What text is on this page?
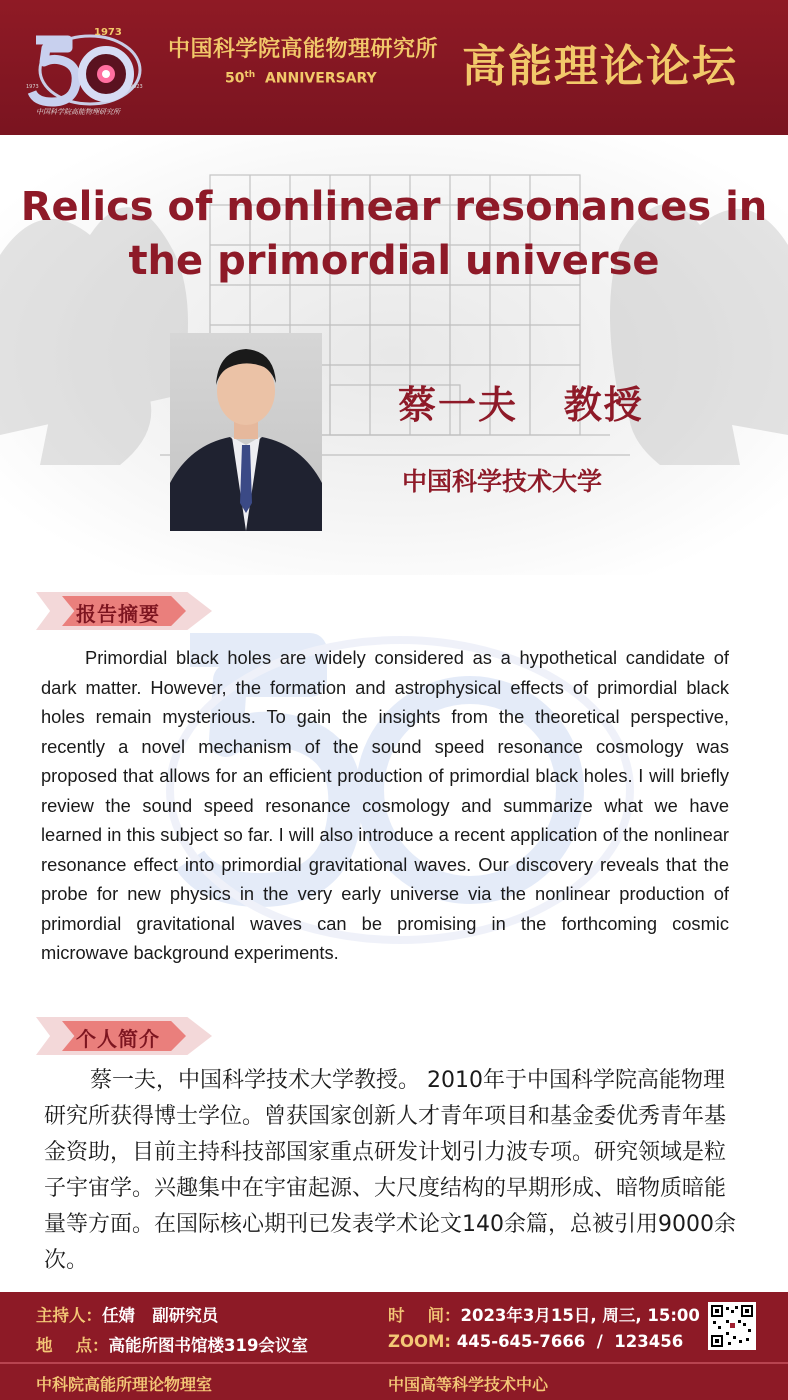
1973
1973	2023
中国科学院高能物理研究所
中国科学院高能物理研究所
50th ANNIVERSARY 高能理论论坛
Relics of nonlinear resonances in
the primordial universe
蔡一夫   教授
中国科学技术大学
报告摘要

Primordial black holes are widely considered as a hypothetical candidate of dark matter. However, the formation and astrophysical effects of primordial black holes remain mysterious. To gain the insights from the theoretical perspective, recently a novel mechanism of the sound speed resonance cosmology was proposed that allows for an efficient production of primordial black holes. I will briefly review the sound speed resonance cosmology and summarize what we have learned in this subject so far. I will also introduce a recent application of the nonlinear resonance effect into primordial gravitational waves. Our discovery reveals that the probe for new physics in the very early universe via the nonlinear production of primordial gravitational waves can be promising in the forthcoming cosmic microwave background experiments.

个人简介

蔡一夫，中国科学技术大学教授。 2010年于中国科学院高能物理研究所获得博士学位。曾获国家创新人才青年项目和基金委优秀青年基金资助，目前主持科技部国家重点研发计划引力波专项。研究领域是粒子宇宙学。兴趣集中在宇宙起源、大尺度结构的早期形成、暗物质暗能量等方面。在国际核心期刊已发表学术论文140余篇，总被引用9000余次。

主持人：任婧   副研究员
地    点：高能所图书馆楼319会议室
时    间：2023年3月15日, 周三, 15:00
ZOOM: 445-645-7666  /  123456
中科院高能所理论物理室	中国高等科学技术中心
